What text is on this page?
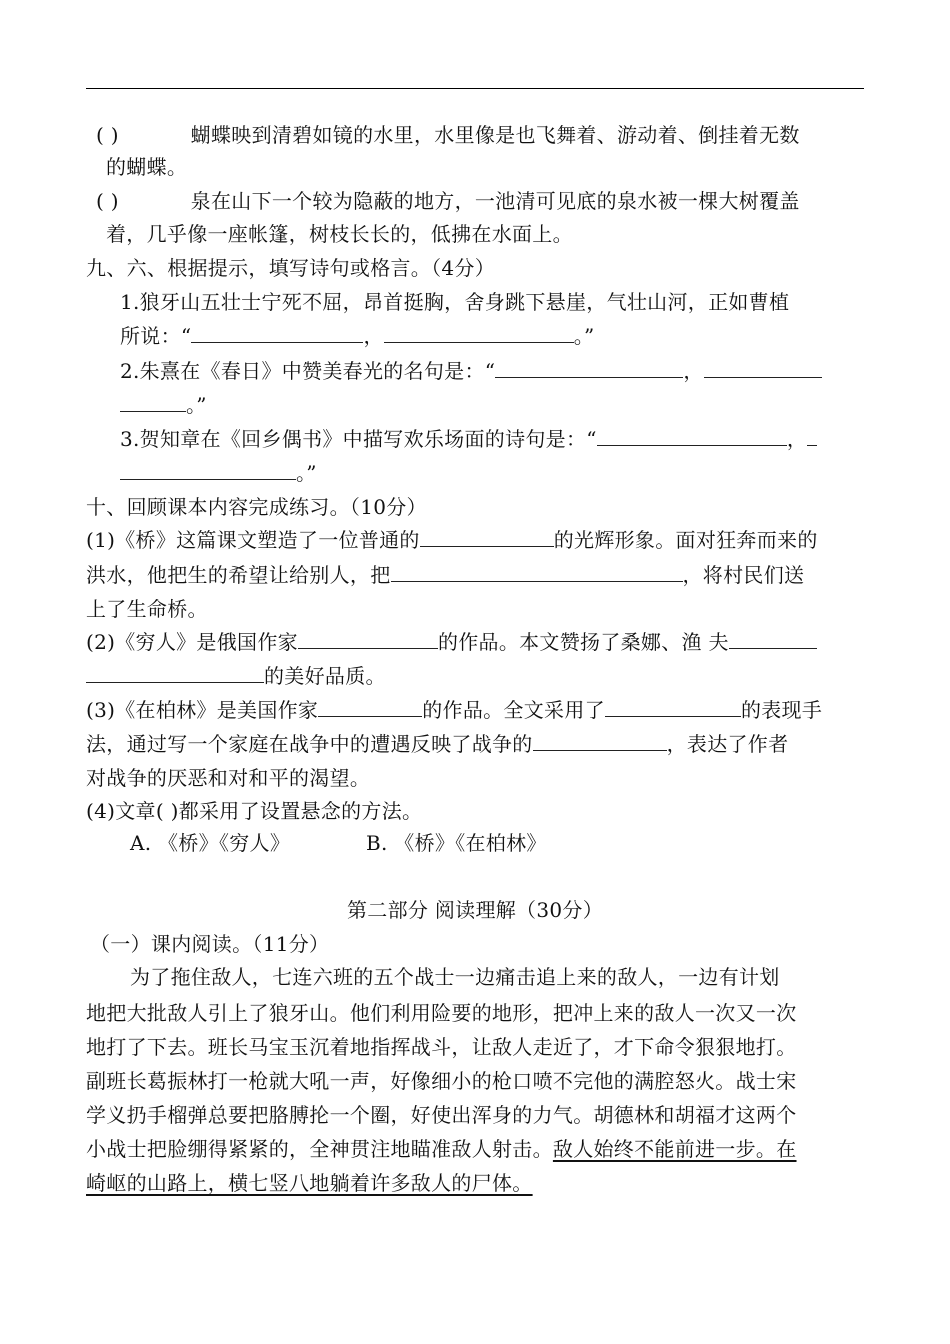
( )	蝴蝶映到清碧如镜的水里，水里像是也飞舞着、游动着、倒挂着无数
的蝴蝶。
( )	泉在山下一个较为隐蔽的地方，一池清可见底的泉水被一棵大树覆盖
着，几乎像一座帐篷，树枝长长的，低拂在水面上。
九、六、根据提示，填写诗句或格言。（4分）
1.狼牙山五壮士宁死不屈，昂首挺胸，舍身跳下悬崖，气壮山河，正如曹植
所说：“	，	。”
2.朱熹在《春日》中赞美春光的名句是：“	，
。”
3.贺知章在《回乡偶书》中描写欢乐场面的诗句是：“	，
。”
十、回顾课本内容完成练习。（10分）
(1)《桥》这篇课文塑造了一位普通的	的光辉形象。面对狂奔而来的
洪水，他把生的希望让给别人，把	，将村民们送
上了生命桥。
(2)《穷人》是俄国作家	的作品。本文赞扬了桑娜、渔 夫
的美好品质。
(3)《在柏林》是美国作家	的作品。全文采用了	的表现手
法，通过写一个家庭在战争中的遭遇反映了战争的	，表达了作者
对战争的厌恶和对和平的渴望。
(4)文章( )都采用了设置悬念的方法。
A. 《桥》《穷人》	B. 《桥》《在柏林》
第二部分 阅读理解（30分）
（一）课内阅读。（11分）
为了拖住敌人，七连六班的五个战士一边痛击追上来的敌人，一边有计划
地把大批敌人引上了狼牙山。他们利用险要的地形，把冲上来的敌人一次又一次
地打了下去。班长马宝玉沉着地指挥战斗，让敌人走近了，才下命令狠狠地打。
副班长葛振林打一枪就大吼一声，好像细小的枪口喷不完他的满腔怒火。战士宋
学义扔手榴弹总要把胳膊抡一个圈，好使出浑身的力气。胡德林和胡福才这两个
小战士把脸绷得紧紧的，全神贯注地瞄准敌人射击。敌人始终不能前进一步。在
崎岖的山路上，横七竖八地躺着许多敌人的尸体。
